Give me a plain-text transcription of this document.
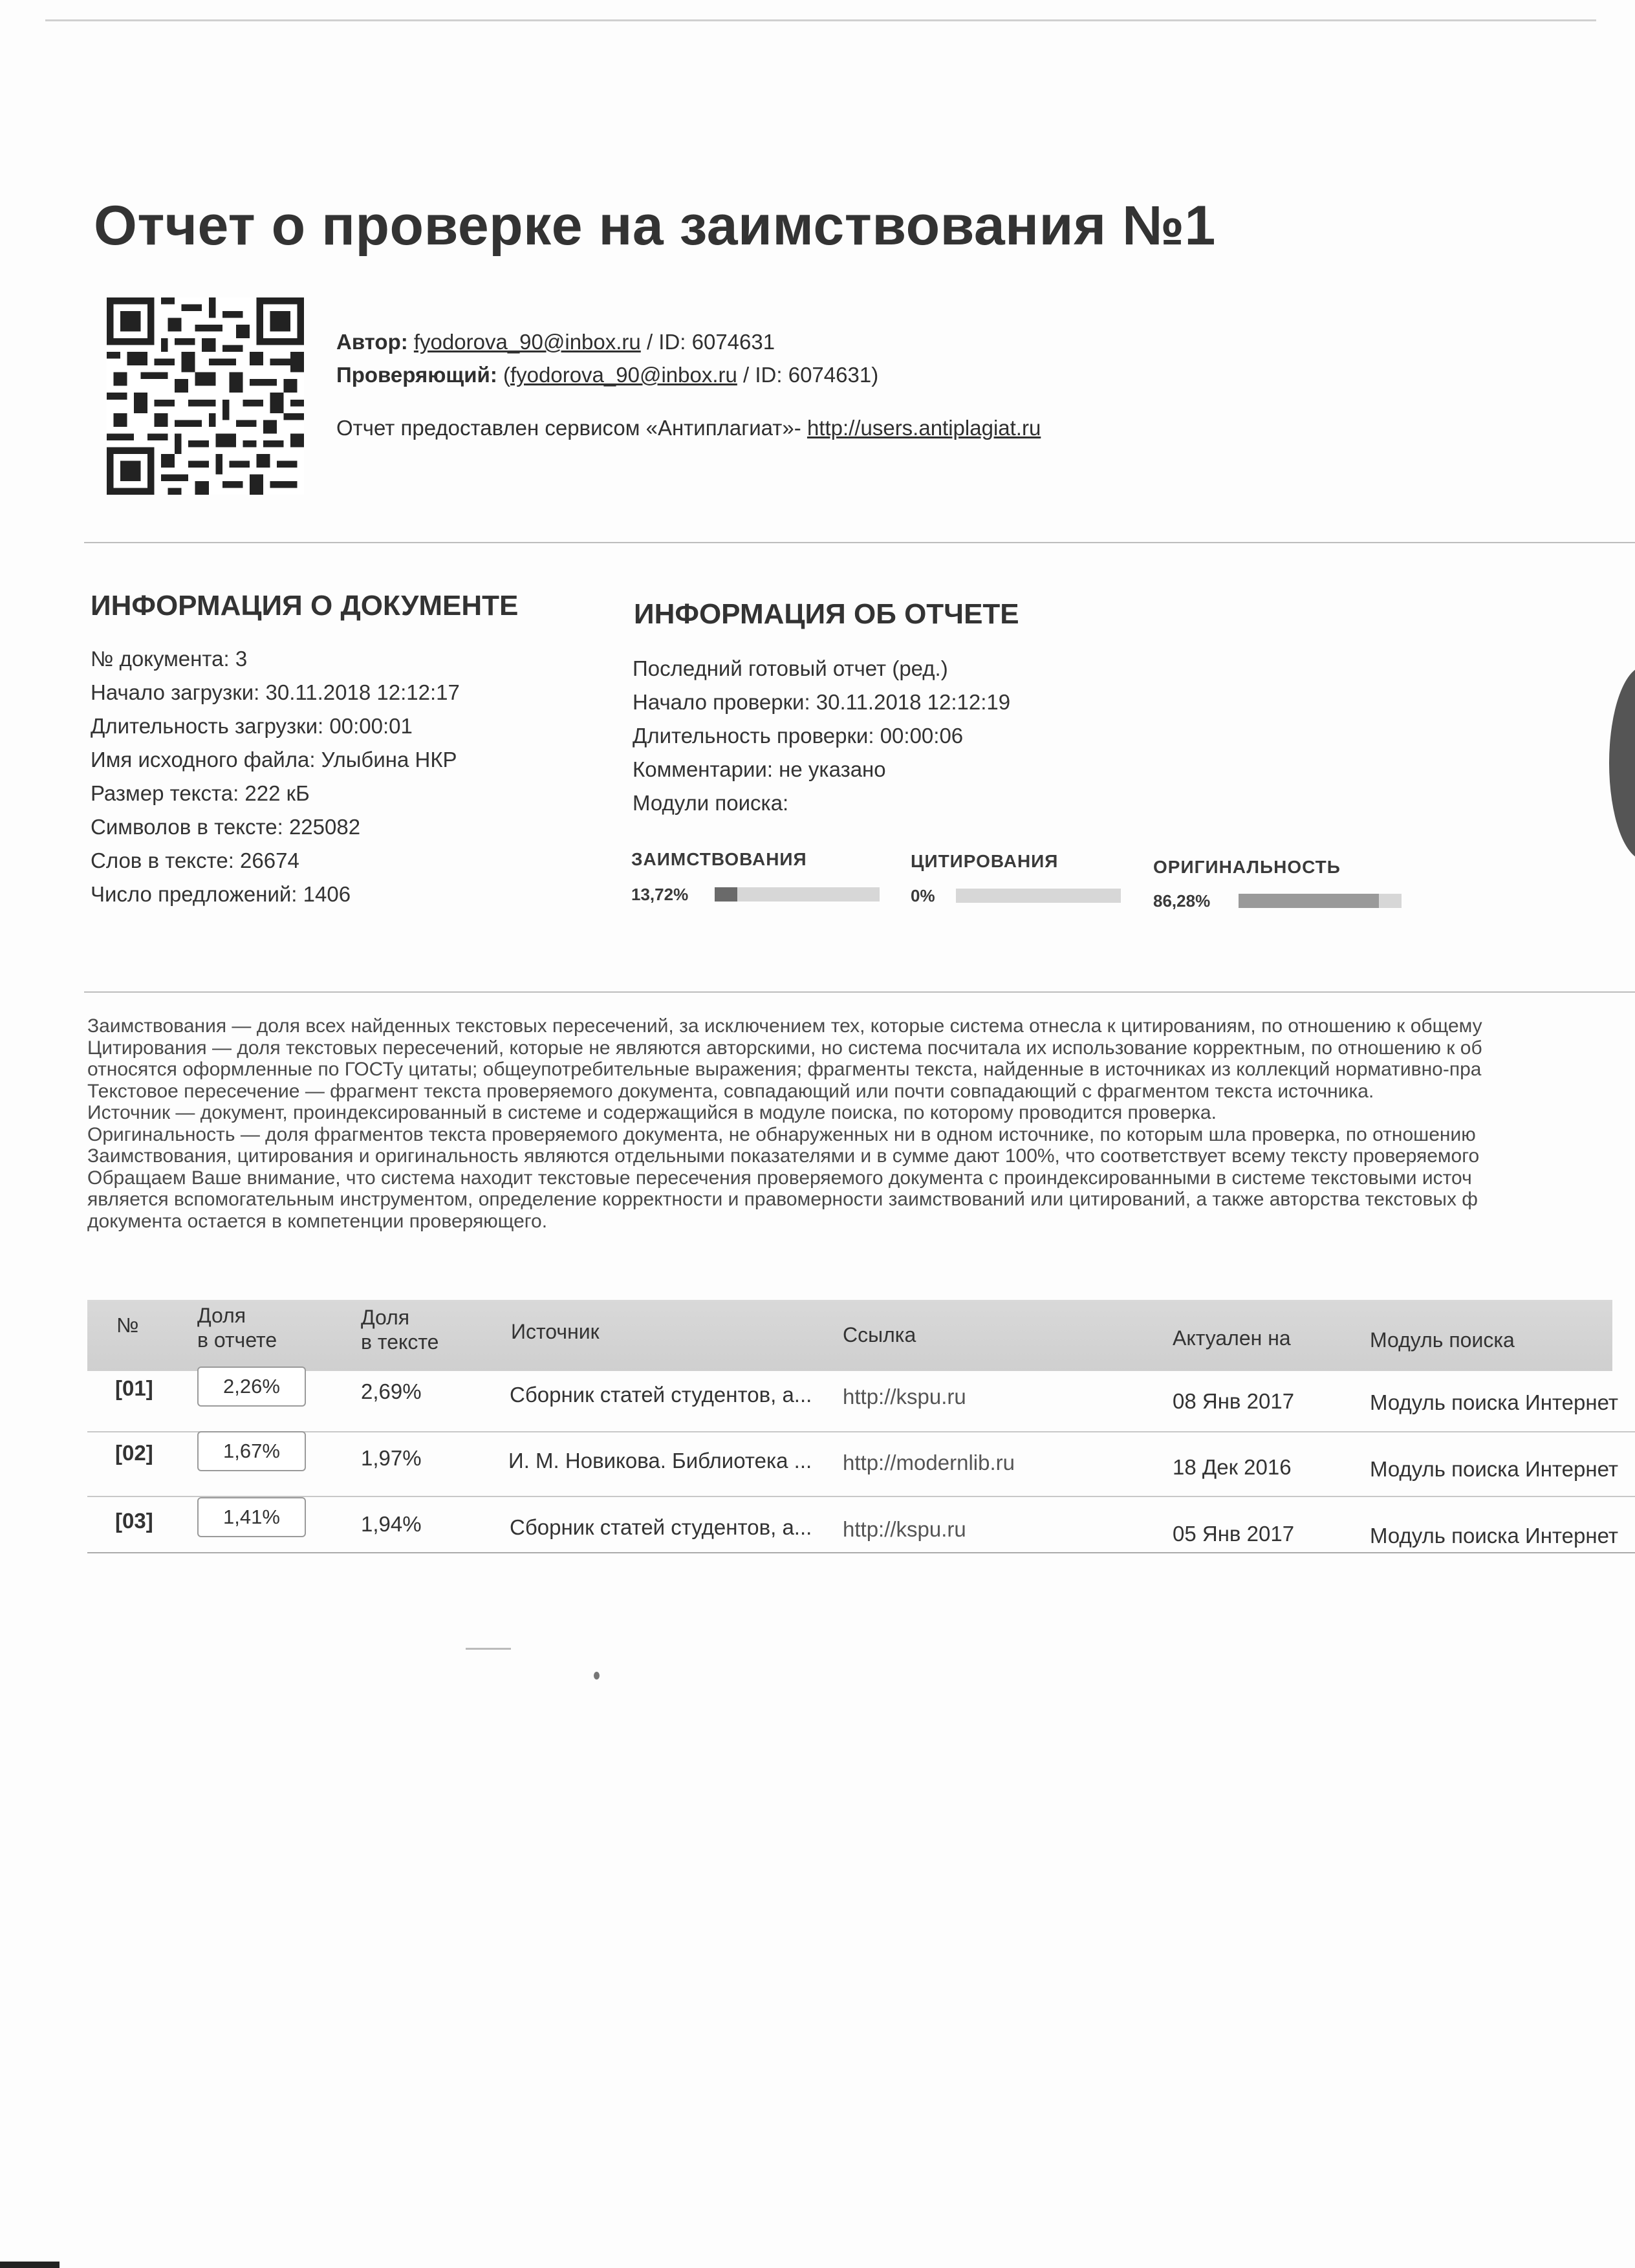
Отчет о проверке на заимствования №1
Автор: fyodorova_90@inbox.ru / ID: 6074631
Проверяющий: (fyodorova_90@inbox.ru / ID: 6074631)
Отчет предоставлен сервисом «Антиплагиат»- http://users.antiplagiat.ru
ИНФОРМАЦИЯ О ДОКУМЕНТЕ
№ документа: 3
Начало загрузки: 30.11.2018 12:12:17
Длительность загрузки: 00:00:01
Имя исходного файла: Улыбина НКР
Размер текста: 222 кБ
Символов в тексте: 225082
Слов в тексте: 26674
Число предложений: 1406
ИНФОРМАЦИЯ ОБ ОТЧЕТЕ
Последний готовый отчет (ред.)
Начало проверки: 30.11.2018 12:12:19
Длительность проверки: 00:00:06
Комментарии: не указано
Модули поиска:
ЗАИМСТВОВАНИЯ
13,72%
ЦИТИРОВАНИЯ
0%
ОРИГИНАЛЬНОСТЬ
86,28%
Заимствования — доля всех найденных текстовых пересечений, за исключением тех, которые система отнесла к цитированиям, по отношению к общему
Цитирования — доля текстовых пересечений, которые не являются авторскими, но система посчитала их использование корректным, по отношению к об
относятся оформленные по ГОСТу цитаты; общеупотребительные выражения; фрагменты текста, найденные в источниках из коллекций нормативно-пра
Текстовое пересечение — фрагмент текста проверяемого документа, совпадающий или почти совпадающий с фрагментом текста источника.
Источник — документ, проиндексированный в системе и содержащийся в модуле поиска, по которому проводится проверка.
Оригинальность — доля фрагментов текста проверяемого документа, не обнаруженных ни в одном источнике, по которым шла проверка, по отношению
Заимствования, цитирования и оригинальность являются отдельными показателями и в сумме дают 100%, что соответствует всему тексту проверяемого
Обращаем Ваше внимание, что система находит текстовые пересечения проверяемого документа с проиндексированными в системе текстовыми источ
является вспомогательным инструментом, определение корректности и правомерности заимствований или цитирований, а также авторства текстовых ф
документа остается в компетенции проверяющего.
№	Доля
в отчете
Доля
в тексте	Источник	Ссылка	Актуален на	Модуль поиска
[01]	2,26%	2,69%	Сборник статей студентов, а... http://kspu.ru	08 Янв 2017	Модуль поиска Интернет
[02]	1,67%	1,97%	И. М. Новикова. Библиотека ... http://modernlib.ru	18 Дек 2016	Модуль поиска Интернет
[03]	1,41%	1,94%	Сборник статей студентов, а... http://kspu.ru	05 Янв 2017	Модуль поиска Интернет
